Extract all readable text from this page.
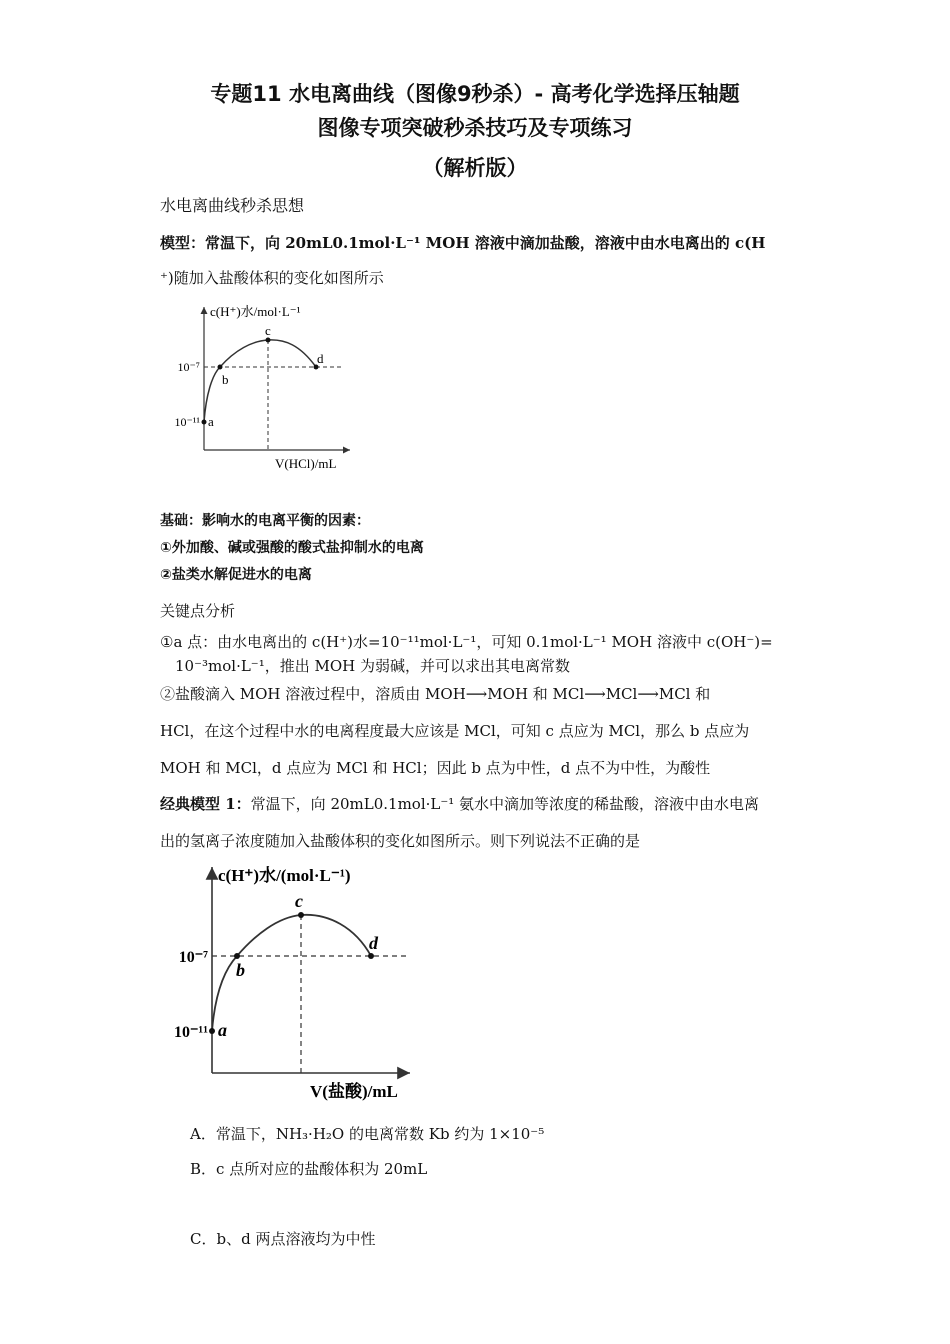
专题11 水电离曲线（图像9秒杀）- 高考化学选择压轴题
图像专项突破秒杀技巧及专项练习
（解析版）

水电离曲线秒杀思想

模型：常温下，向 20mL0.1mol·L⁻¹ MOH 溶液中滴加盐酸，溶液中由水电离出的 c(H

⁺)随加入盐酸体积的变化如图所示

a
b
c
d
10⁻¹¹
10⁻⁷
c(H⁺)水/mol·L⁻¹
V(HCl)/mL

基础：影响水的电离平衡的因素：

①外加酸、碱或强酸的酸式盐抑制水的电离

②盐类水解促进水的电离

关键点分析

①a 点：由水电离出的 c(H⁺)水=10⁻¹¹mol·L⁻¹，可知 0.1mol·L⁻¹ MOH 溶液中 c(OH⁻)=

10⁻³mol·L⁻¹，推出 MOH 为弱碱，并可以求出其电离常数

②盐酸滴入 MOH 溶液过程中，溶质由 MOH⟶MOH 和 MCl⟶MCl⟶MCl 和

HCl，在这个过程中水的电离程度最大应该是 MCl，可知 c 点应为 MCl，那么 b 点应为

MOH 和 MCl，d 点应为 MCl 和 HCl；因此 b 点为中性，d 点不为中性，为酸性

经典模型 1：常温下，向 20mL0.1mol·L⁻¹ 氨水中滴加等浓度的稀盐酸，溶液中由水电离

出的氢离子浓度随加入盐酸体积的变化如图所示。则下列说法不正确的是

a
b
c
d
10⁻¹¹
10⁻⁷
c(H⁺)水/(mol·L⁻¹)
V(盐酸)/mL

A．常温下，NH₃·H₂O 的电离常数 Kb 约为 1×10⁻⁵

B．c 点所对应的盐酸体积为 20mL

C．b、d 两点溶液均为中性
